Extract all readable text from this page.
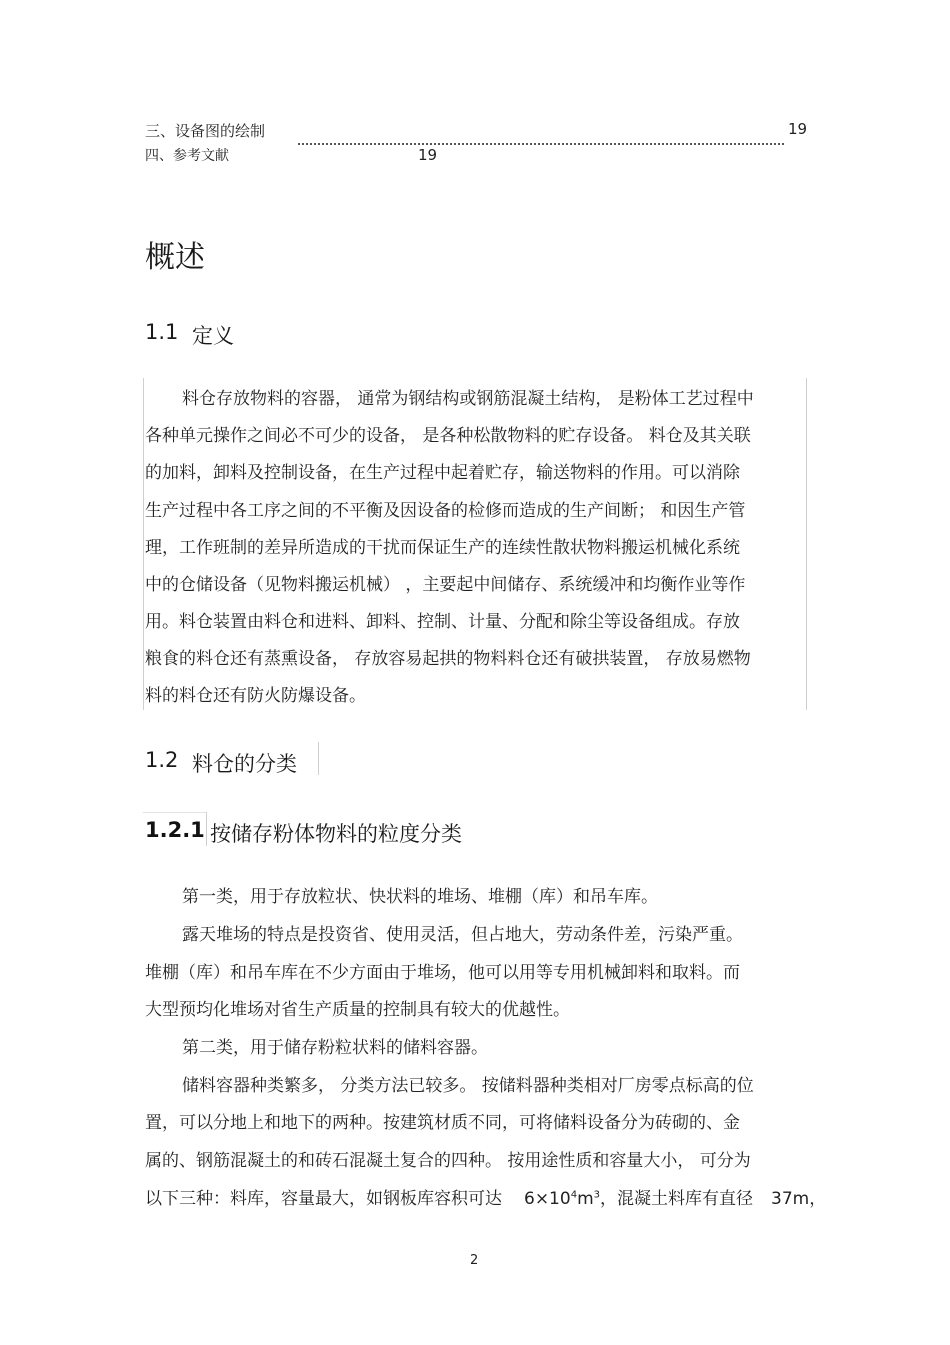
三、设备图的绘制	19
四、参考文献	19
概述
1.1 定义
料仓存放物料的容器， 通常为钢结构或钢筋混凝土结构， 是粉体工艺过程中
各种单元操作之间必不可少的设备， 是各种松散物料的贮存设备。 料仓及其关联
的加料，卸料及控制设备，在生产过程中起着贮存，输送物料的作用。可以消除
生产过程中各工序之间的不平衡及因设备的检修而造成的生产间断； 和因生产管
理，工作班制的差异所造成的干扰而保证生产的连续性散状物料搬运机械化系统
中的仓储设备（见物料搬运机械） ，主要起中间储存、系统缓冲和均衡作业等作
用。料仓装置由料仓和进料、卸料、控制、计量、分配和除尘等设备组成。存放
粮食的料仓还有蒸熏设备， 存放容易起拱的物料料仓还有破拱装置， 存放易燃物
料的料仓还有防火防爆设备。
1.2 料仓的分类
1.2.1 按储存粉体物料的粒度分类
第一类，用于存放粒状、快状料的堆场、堆棚（库）和吊车库。
露天堆场的特点是投资省、使用灵活，但占地大，劳动条件差，污染严重。
堆棚（库）和吊车库在不少方面由于堆场，他可以用等专用机械卸料和取料。而
大型预均化堆场对省生产质量的控制具有较大的优越性。
第二类，用于储存粉粒状料的储料容器。
储料容器种类繁多， 分类方法已较多。 按储料器种类相对厂房零点标高的位
置，可以分地上和地下的两种。按建筑材质不同，可将储料设备分为砖砌的、金
属的、钢筋混凝土的和砖石混凝土复合的四种。 按用途性质和容量大小， 可分为
以下三种：料库，容量最大，如钢板库容积可达 $6\times 10^4m^3$，混凝土料库有直径 37m，
2
